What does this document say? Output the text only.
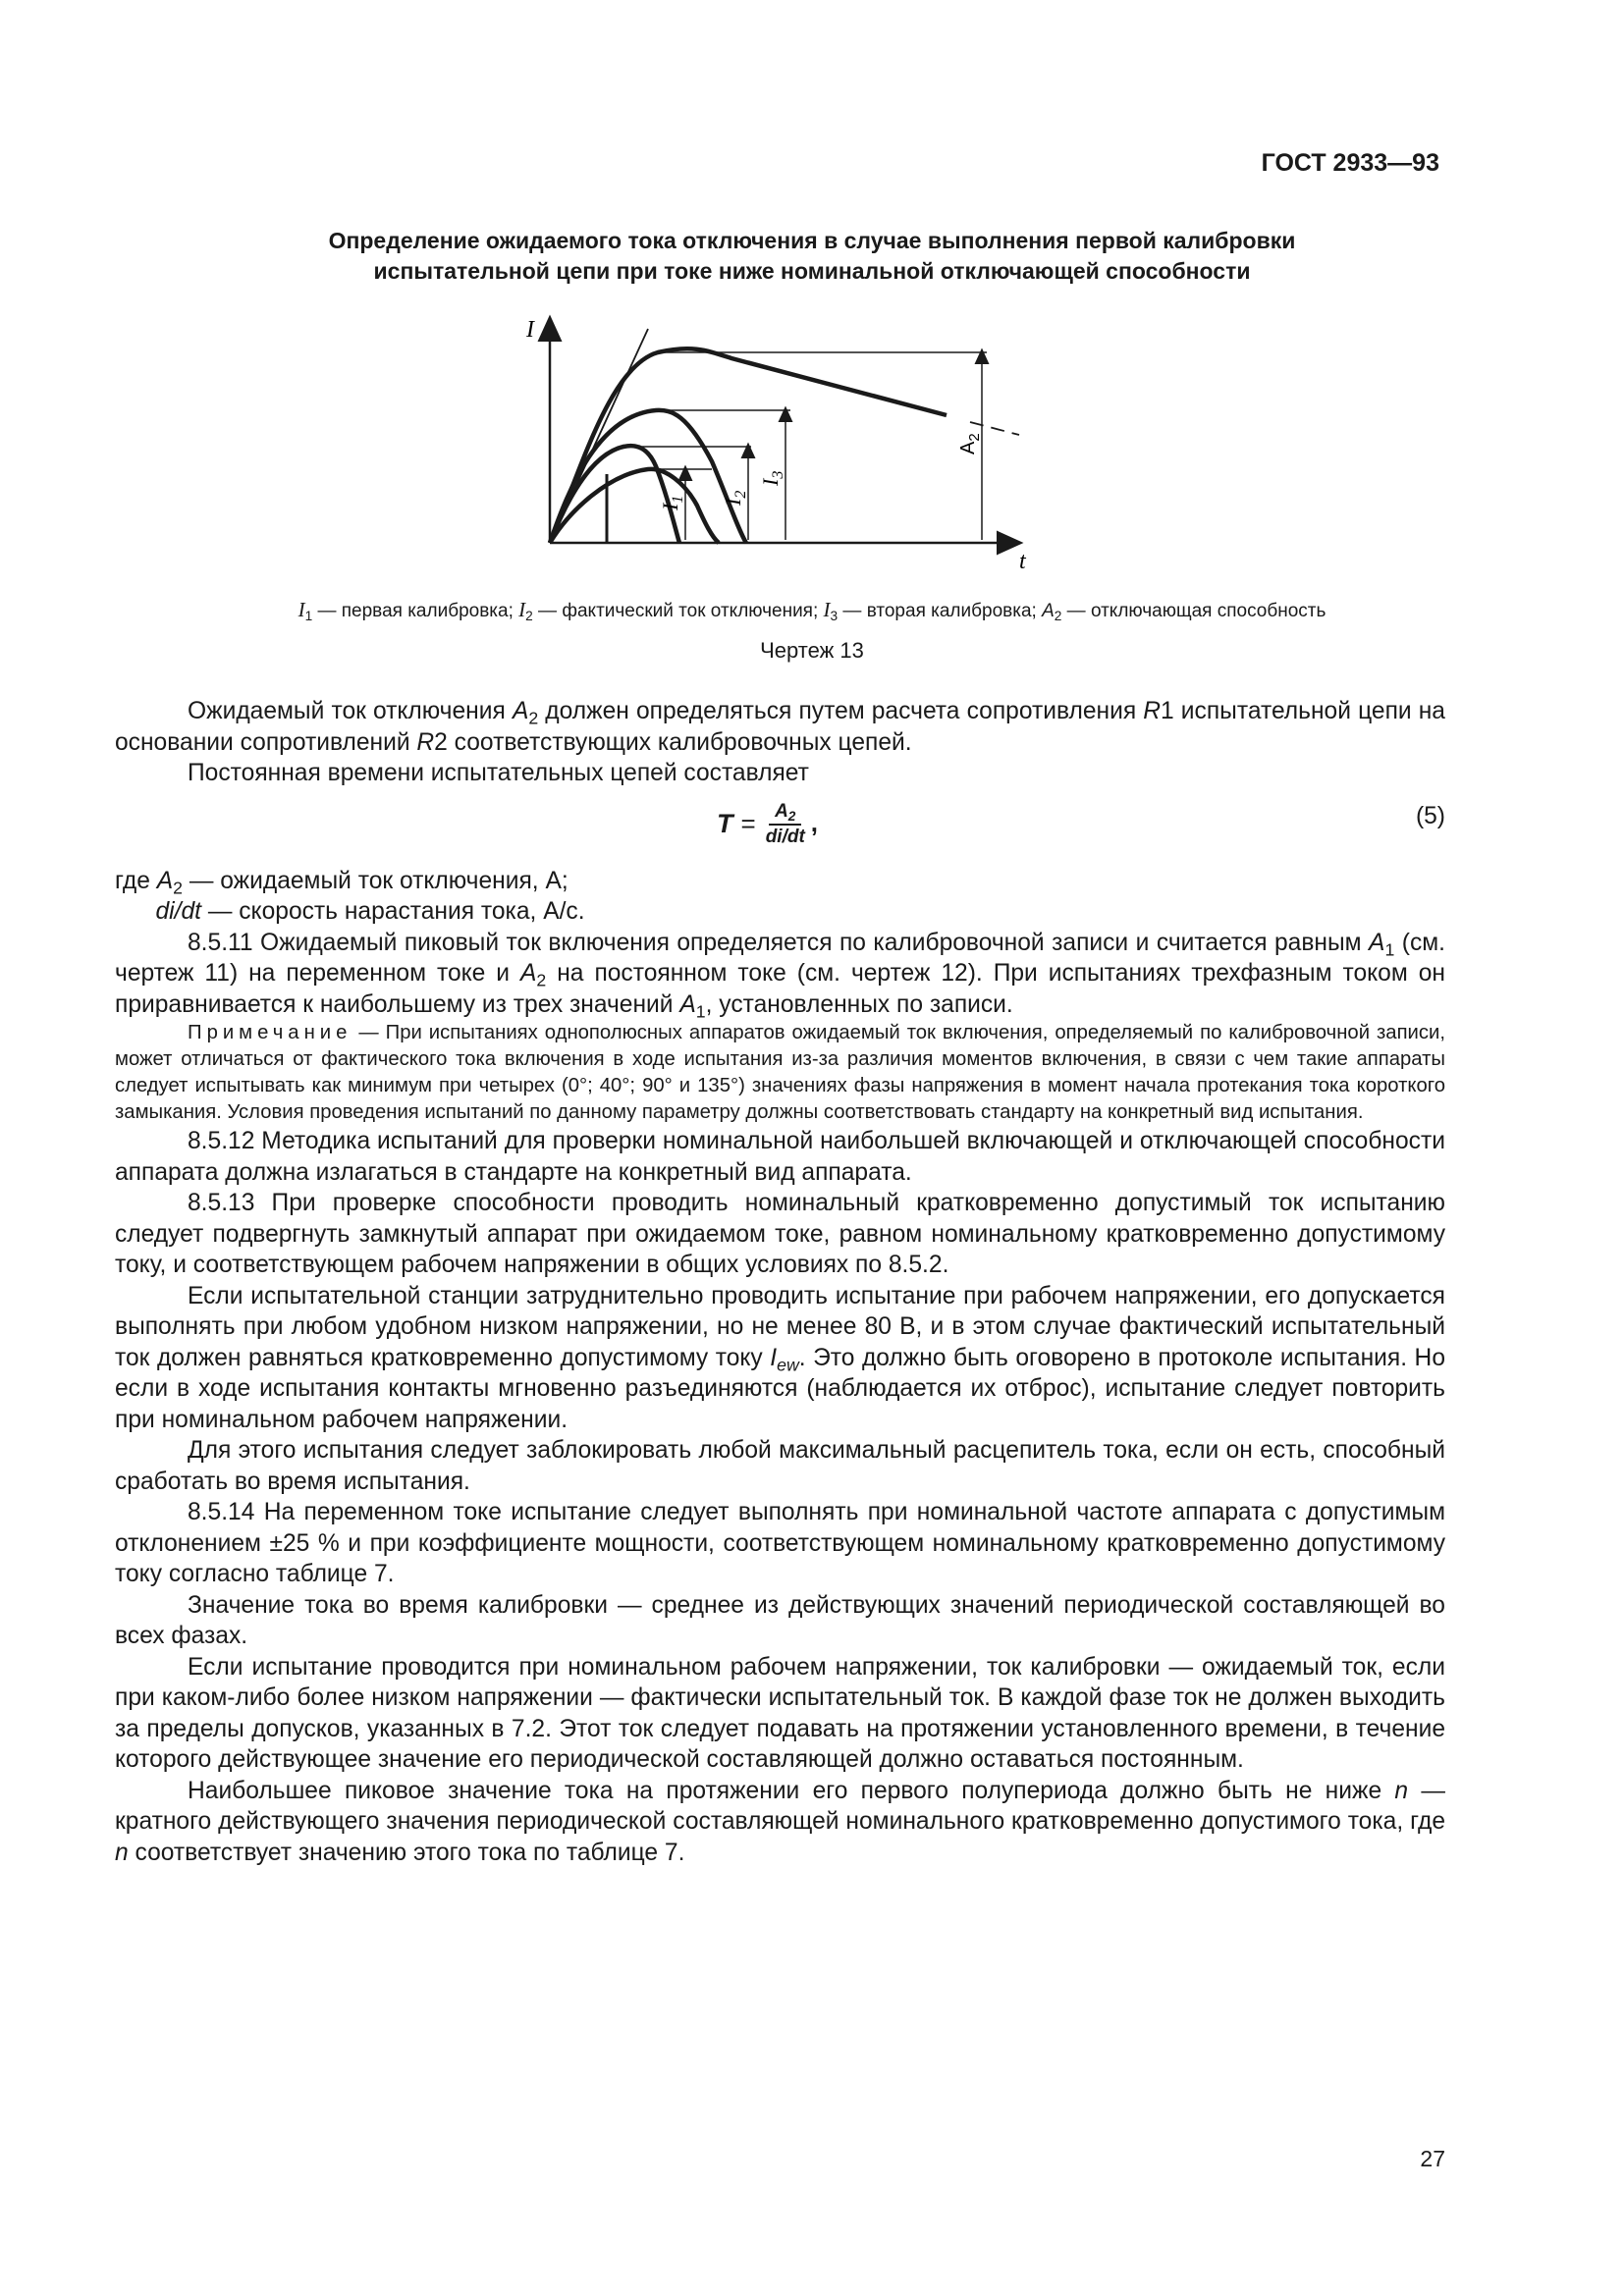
ГОСТ 2933—93
Определение ожидаемого тока отключения в случае выполнения первой калибровки
испытательной цепи при токе ниже номинальной отключающей способности
I
t
$I_1$ $I_2$
$I_3$
$A_2$
$I_1$ — первая калибровка; $I_2$ — фактический ток отключения; $I_3$ — вторая калибровка; $A_2$ — отключающая способность
Чертеж 13

Ожидаемый ток отключения $A_2$ должен определяться путем расчета сопротивления R1 испытательной цепи на основании сопротивлений R2 соответствующих калибровочных цепей.

Постоянная времени испытательных цепей составляет

$T = \frac{A_2}{di/dt}$ ,	(5)

где $A_2$ — ожидаемый ток отключения, А;

di/dt — скорость нарастания тока, А/с.

8.5.11 Ожидаемый пиковый ток включения определяется по калибровочной записи и считается равным $A_1$ (см. чертеж 11) на переменном токе и $A_2$ на постоянном токе (см. чертеж 12). При испытаниях трехфазным током он приравнивается к наибольшему из трех значений $A_1$, установленных по записи.

Примечание — При испытаниях однополюсных аппаратов ожидаемый ток включения, определяемый по калибровочной записи, может отличаться от фактического тока включения в ходе испытания из-за различия моментов включения, в связи с чем такие аппараты следует испытывать как минимум при четырех (0°; 40°; 90° и 135°) значениях фазы напряжения в момент начала протекания тока короткого замыкания. Условия проведения испытаний по данному параметру должны соответствовать стандарту на конкретный вид испытания.

8.5.12 Методика испытаний для проверки номинальной наибольшей включающей и отключающей способности аппарата должна излагаться в стандарте на конкретный вид аппарата.

8.5.13 При проверке способности проводить номинальный кратковременно допустимый ток испытанию следует подвергнуть замкнутый аппарат при ожидаемом токе, равном номинальному кратковременно допустимому току, и соответствующем рабочем напряжении в общих условиях по 8.5.2.

Если испытательной станции затруднительно проводить испытание при рабочем напряжении, его допускается выполнять при любом удобном низком напряжении, но не менее 80 В, и в этом случае фактический испытательный ток должен равняться кратковременно допустимому току $I_{ew}$. Это должно быть оговорено в протоколе испытания. Но если в ходе испытания контакты мгновенно разъединяются (наблюдается их отброс), испытание следует повторить при номинальном рабочем напряжении.

Для этого испытания следует заблокировать любой максимальный расцепитель тока, если он есть, способный сработать во время испытания.

8.5.14 На переменном токе испытание следует выполнять при номинальной частоте аппарата с допустимым отклонением ±25 % и при коэффициенте мощности, соответствующем номинальному кратковременно допустимому току согласно таблице 7.

Значение тока во время калибровки — среднее из действующих значений периодической составляющей во всех фазах.

Если испытание проводится при номинальном рабочем напряжении, ток калибровки — ожидаемый ток, если при каком-либо более низком напряжении — фактически испытательный ток. В каждой фазе ток не должен выходить за пределы допусков, указанных в 7.2. Этот ток следует подавать на протяжении установленного времени, в течение которого действующее значение его периодической составляющей должно оставаться постоянным.

Наибольшее пиковое значение тока на протяжении его первого полупериода должно быть не ниже n — кратного действующего значения периодической составляющей номинального кратковременно допустимого тока, где n соответствует значению этого тока по таблице 7.

27
